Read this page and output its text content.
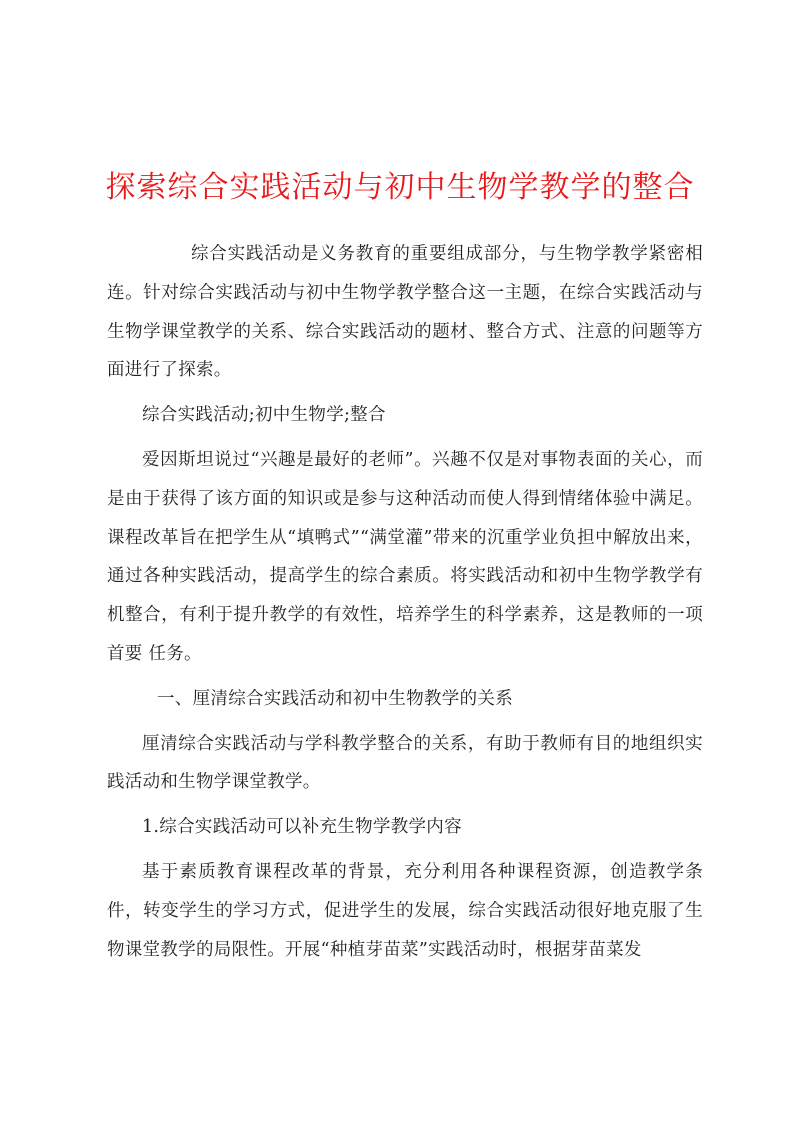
探索综合实践活动与初中生物学教学的整合

综合实践活动是义务教育的重要组成部分，与生物学教学紧密相连。针对综合实践活动与初中生物学教学整合这一主题，在综合实践活动与生物学课堂教学的关系、综合实践活动的题材、整合方式、注意的问题等方面进行了探索。

综合实践活动;初中生物学;整合

爱因斯坦说过“兴趣是最好的老师”。兴趣不仅是对事物表面的关心，而是由于获得了该方面的知识或是参与这种活动而使人得到情绪体验中满足。课程改革旨在把学生从“填鸭式”“满堂灌”带来的沉重学业负担中解放出来，通过各种实践活动，提高学生的综合素质。将实践活动和初中生物学教学有机整合，有利于提升教学的有效性，培养学生的科学素养，这是教师的一项首要 任务。

一、厘清综合实践活动和初中生物教学的关系

厘清综合实践活动与学科教学整合的关系，有助于教师有目的地组织实践活动和生物学课堂教学。

1.综合实践活动可以补充生物学教学内容

基于素质教育课程改革的背景，充分利用各种课程资源，创造教学条件，转变学生的学习方式，促进学生的发展，综合实践活动很好地克服了生物课堂教学的局限性。开展“种植芽苗菜”实践活动时，根据芽苗菜发
